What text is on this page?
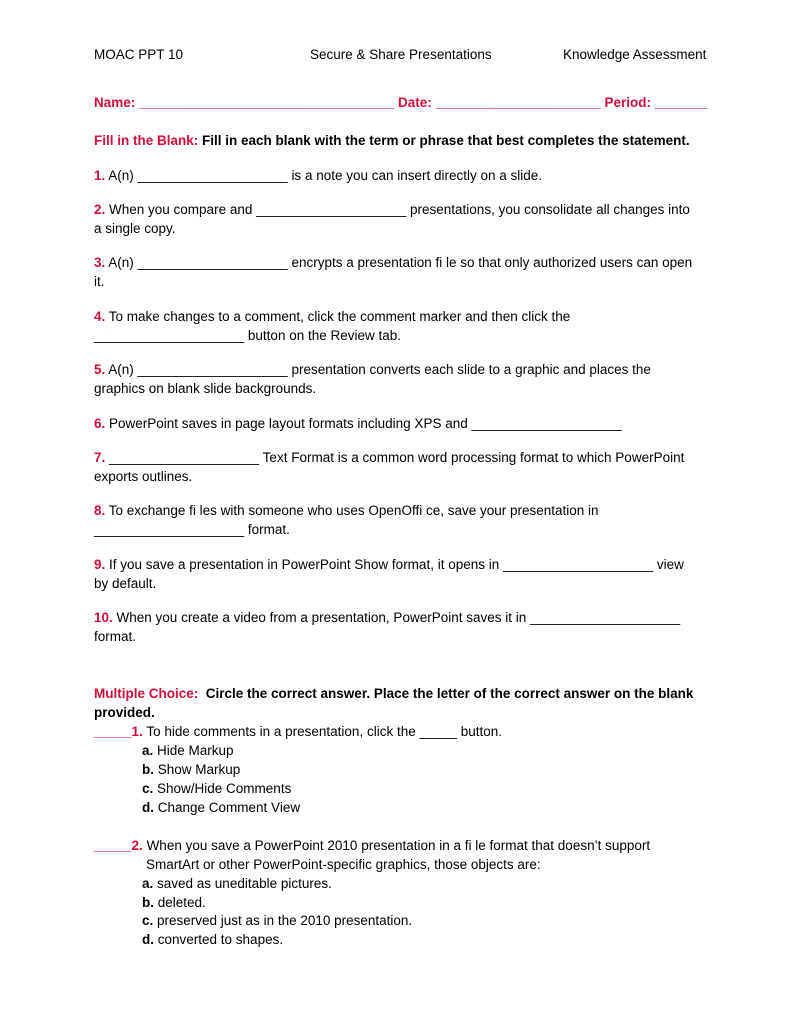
MOAC PPT 10	Secure & Share Presentations	Knowledge Assessment
Name: __________________________________ Date: ______________________ Period: _______
Fill in the Blank: Fill in each blank with the term or phrase that best completes the statement.
1. A(n) ____________________ is a note you can insert directly on a slide.
2. When you compare and ____________________ presentations, you consolidate all changes into
a single copy.
3. A(n) ____________________ encrypts a presentation fi le so that only authorized users can open
it.
4. To make changes to a comment, click the comment marker and then click the
____________________ button on the Review tab.
5. A(n) ____________________ presentation converts each slide to a graphic and places the
graphics on blank slide backgrounds.
6. PowerPoint saves in page layout formats including XPS and ____________________
7. ____________________ Text Format is a common word processing format to which PowerPoint
exports outlines.
8. To exchange fi les with someone who uses OpenOffi ce, save your presentation in
____________________ format.
9. If you save a presentation in PowerPoint Show format, it opens in ____________________ view
by default.
10. When you create a video from a presentation, PowerPoint saves it in ____________________
format.
Multiple Choice:  Circle the correct answer. Place the letter of the correct answer on the blank
provided.
_____1. To hide comments in a presentation, click the _____ button.
a. Hide Markup
b. Show Markup
c. Show/Hide Comments
d. Change Comment View
_____2. When you save a PowerPoint 2010 presentation in a fi le format that doesn’t support
SmartArt or other PowerPoint-specific graphics, those objects are:
a. saved as uneditable pictures.
b. deleted.
c. preserved just as in the 2010 presentation.
d. converted to shapes.
